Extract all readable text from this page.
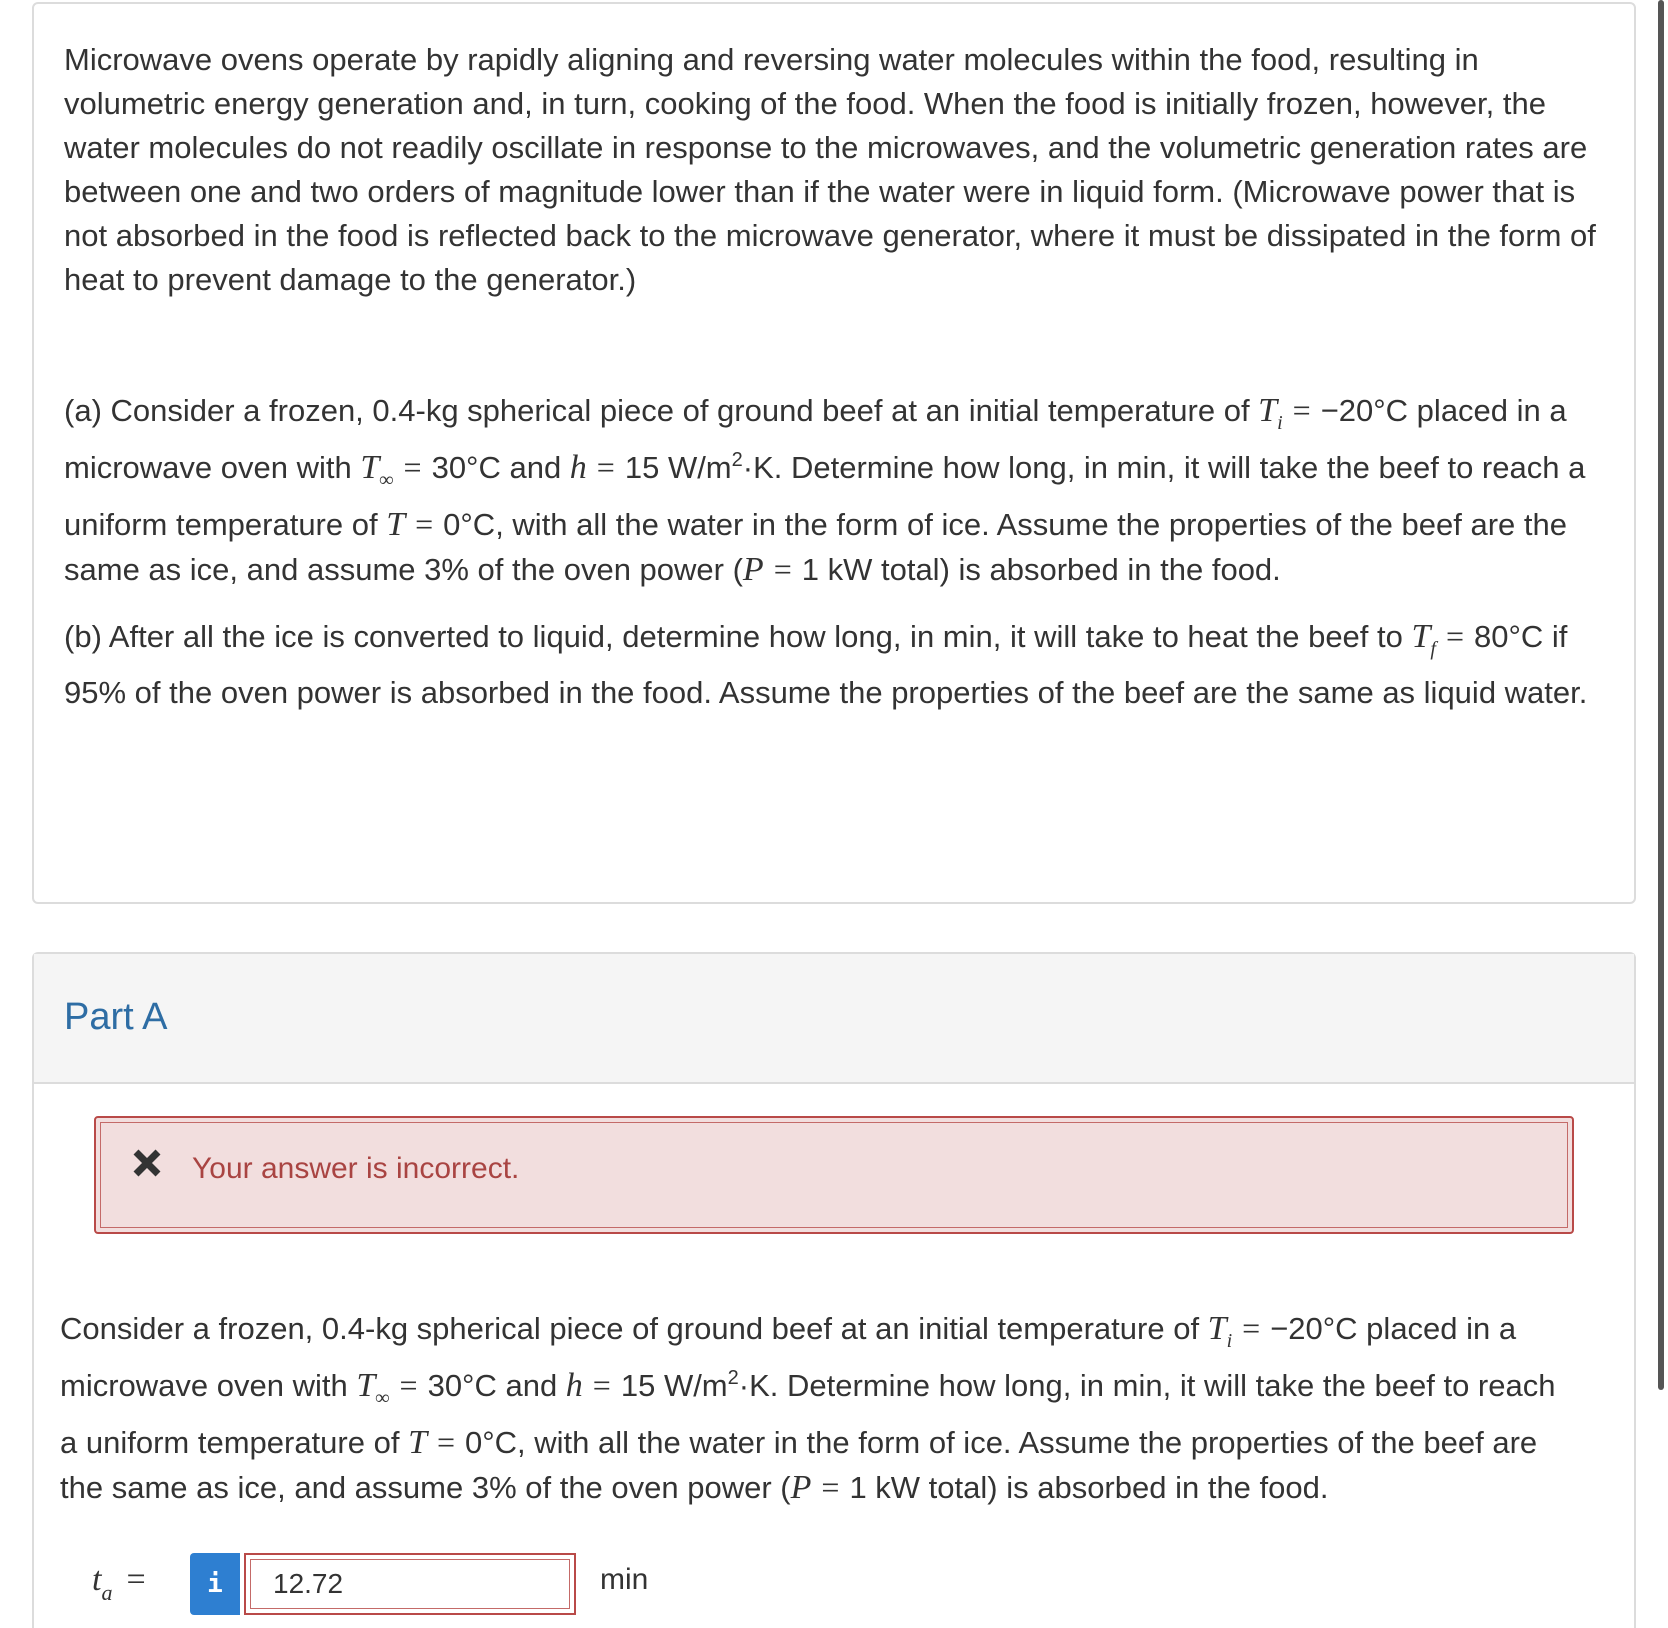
Microwave ovens operate by rapidly aligning and reversing water molecules within the food, resulting in volumetric energy generation and, in turn, cooking of the food. When the food is initially frozen, however, the water molecules do not readily oscillate in response to the microwaves, and the volumetric generation rates are between one and two orders of magnitude lower than if the water were in liquid form. (Microwave power that is not absorbed in the food is reflected back to the microwave generator, where it must be dissipated in the form of heat to prevent damage to the generator.)

(a) Consider a frozen, 0.4-kg spherical piece of ground beef at an initial temperature of $T_i = -20^\circ C$ placed in a microwave oven with $T_\infty = 30^\circ C$ and h = 15 $W/m^2\cdot K$. Determine how long, in min, it will take the beef to reach a uniform temperature of T = 0°C, with all the water in the form of ice. Assume the properties of the beef are the same as ice, and assume 3% of the oven power (P = 1 kW total) is absorbed in the food.

(b) After all the ice is converted to liquid, determine how long, in min, it will take to heat the beef to $T_f = 80^\circ C$ if 95% of the oven power is absorbed in the food. Assume the properties of the beef are the same as liquid water.

Part A
Your answer is incorrect.

Consider a frozen, 0.4-kg spherical piece of ground beef at an initial temperature of $T_i = -20^\circ C$ placed in a microwave oven with $T_\infty = 30^\circ C$ and h = 15 $W/m^2\cdot K$. Determine how long, in min, it will take the beef to reach a uniform temperature of T = 0°C, with all the water in the form of ice. Assume the properties of the beef are the same as ice, and assume 3% of the oven power (P = 1 kW total) is absorbed in the food.

$t_a$ =	i
12.72	min
